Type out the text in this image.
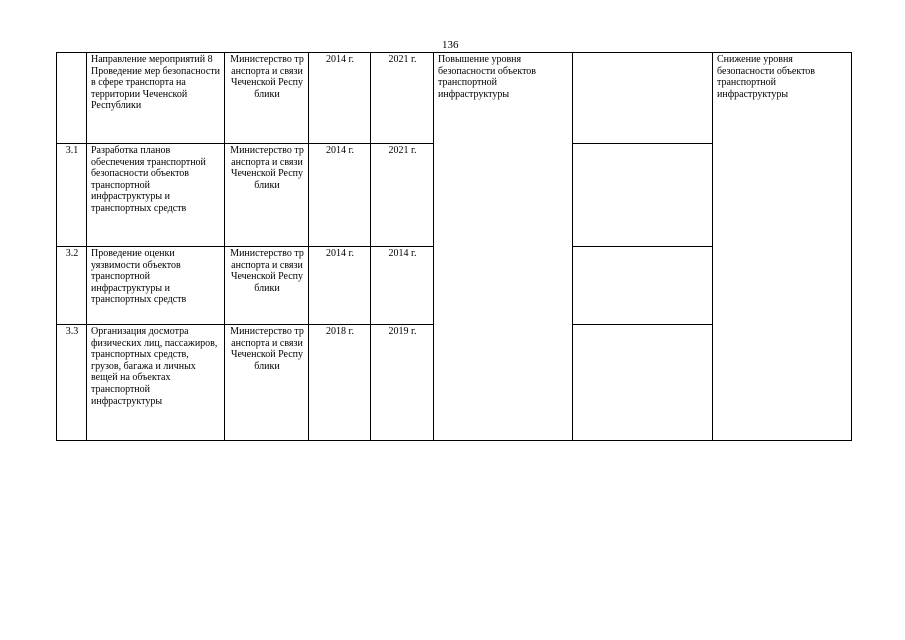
136
	Направление мероприятий 8 Проведение мер безопасности в сфере транспорта на территории Чеченской Республики	Министерство транспорта и связи Чеченской Республики	2014 г.	2021 г.	Повышение уровня безопасности объектов транспортной инфраструктуры		Снижение уровня безопасности объектов транспортной инфраструктуры
3.1	Разработка планов обеспечения транспортной безопасности объектов транспортной инфраструктуры и транспортных средств	Министерство транспорта и связи Чеченской Республики	2014 г.	2021 г.			
3.2	Проведение оценки уязвимости объектов транспортной инфраструктуры и транспортных средств	Министерство транспорта и связи Чеченской Республики	2014 г.	2014 г.			
3.3	Организация досмотра физических лиц, пассажиров, транспортных средств, грузов, багажа и личных вещей на объектах транспортной инфраструктуры	Министерство транспорта и связи Чеченской Республики	2018 г.	2019 г.			
